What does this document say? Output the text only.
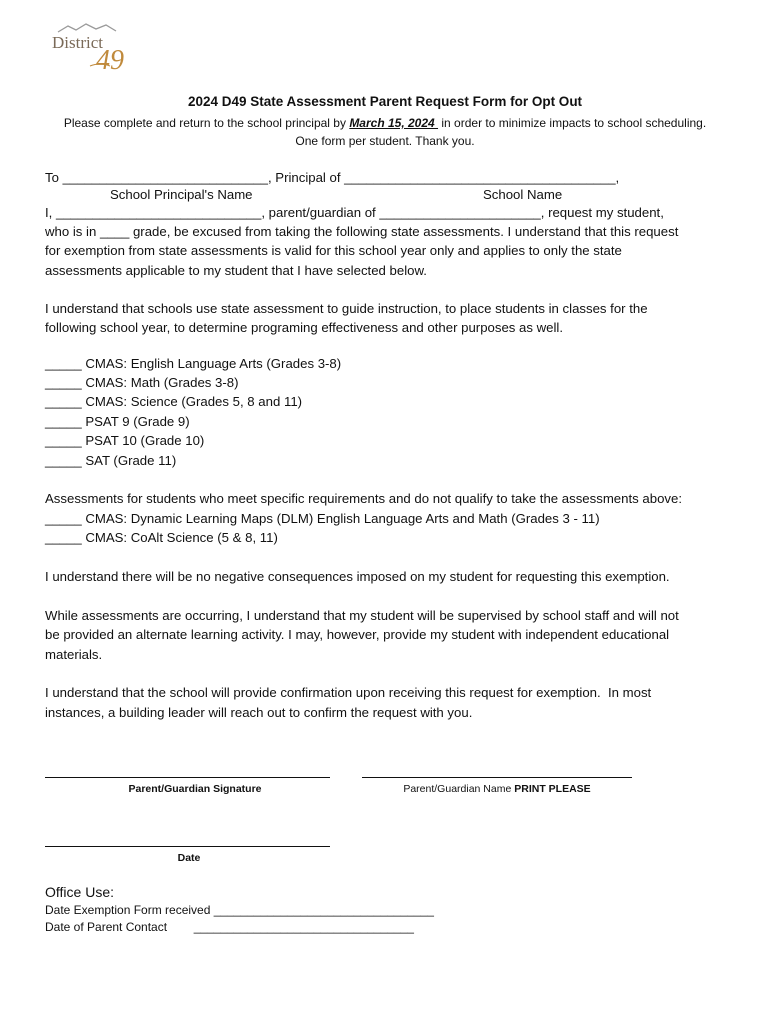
District
49
2024 D49 State Assessment Parent Request Form for Opt Out
Please complete and return to the school principal by March 15, 2024  in order to minimize impacts to school scheduling.
One form per student. Thank you.
To ____________________________, Principal of _____________________________________,
School Principal's Name	School Name
I, ____________________________, parent/guardian of ______________________, request my student,
who is in ____ grade, be excused from taking the following state assessments. I understand that this request
for exemption from state assessments is valid for this school year only and applies to only the state
assessments applicable to my student that I have selected below.
I understand that schools use state assessment to guide instruction, to place students in classes for the
following school year, to determine programing effectiveness and other purposes as well.
_____ CMAS: English Language Arts (Grades 3-8)
_____ CMAS: Math (Grades 3-8)
_____ CMAS: Science (Grades 5, 8 and 11)
_____ PSAT 9 (Grade 9)
_____ PSAT 10 (Grade 10)
_____ SAT (Grade 11)
Assessments for students who meet specific requirements and do not qualify to take the assessments above:
_____ CMAS: Dynamic Learning Maps (DLM) English Language Arts and Math (Grades 3 - 11)
_____ CMAS: CoAlt Science (5 & 8, 11)
I understand there will be no negative consequences imposed on my student for requesting this exemption.
While assessments are occurring, I understand that my student will be supervised by school staff and will not
be provided an alternate learning activity. I may, however, provide my student with independent educational
materials.
I understand that the school will provide confirmation upon receiving this request for exemption.  In most
instances, a building leader will reach out to confirm the request with you.
Parent/Guardian Signature	Parent/Guardian Name PRINT PLEASE
Date
Office Use:
Date Exemption Form received _________________________________
Date of Parent Contact        _________________________________
